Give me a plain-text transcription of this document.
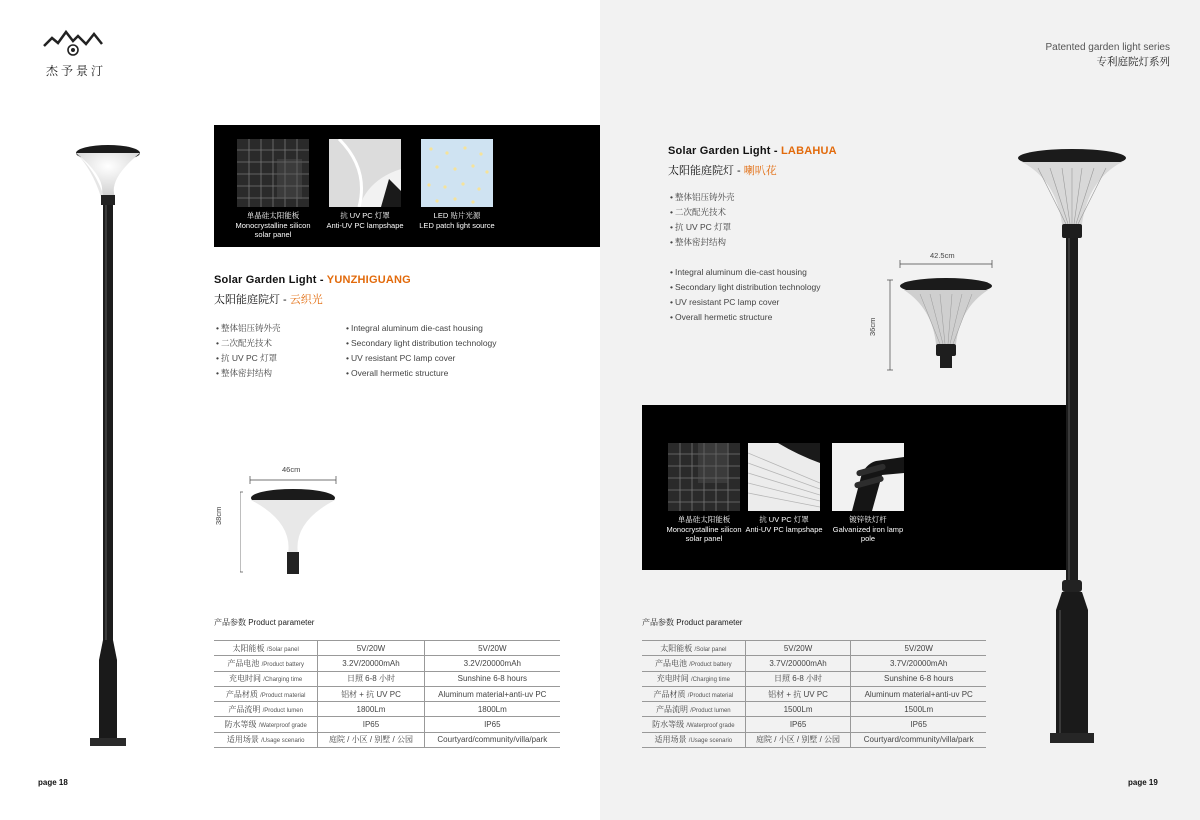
杰予景汀
单晶硅太阳能板
Monocrystalline silicon solar panel
抗 UV PC 灯罩
Anti-UV PC lampshape
LED 贴片光源
LED patch light source
Solar Garden Light - YUNZHIGUANG
太阳能庭院灯 - 云织光
• 整体铝压铸外壳
• 二次配光技术
• 抗 UV PC 灯罩
• 整体密封结构
• Integral aluminum die-cast housing
• Secondary light distribution technology
• UV resistant PC lamp cover
• Overall hermetic structure
46cm
38cm
产品参数 Product parameter
太阳能板 /Solar panel	5V/20W	5V/20W
产品电池 /Product battery	3.2V/20000mAh	3.2V/20000mAh
充电时间 /Charging time	日照 6-8 小时	Sunshine 6-8 hours
产品材质 /Product material	铝材 + 抗 UV PC	Aluminum material+anti-uv PC
产品流明 /Product lumen	1800Lm	1800Lm
防水等级 /Waterproof grade	IP65	IP65
适用场景 /Usage scenario	庭院 / 小区 / 别墅 / 公园	Courtyard/community/villa/park
page 18
Patented garden light series
专利庭院灯系列
Solar Garden Light - LABAHUA
太阳能庭院灯 - 喇叭花
• 整体铝压铸外壳
• 二次配光技术
• 抗 UV PC 灯罩
• 整体密封结构
• Integral aluminum die-cast housing
• Secondary light distribution technology
• UV resistant PC lamp cover
• Overall hermetic structure
42.5cm
36cm
单晶硅太阳能板
Monocrystalline silicon solar panel
抗 UV PC 灯罩
Anti-UV PC lampshape
镀锌铁灯杆
Galvanized iron lamp pole
产品参数 Product parameter
太阳能板 /Solar panel	5V/20W	5V/20W
产品电池 /Product battery	3.7V/20000mAh	3.7V/20000mAh
充电时间 /Charging time	日照 6-8 小时	Sunshine 6-8 hours
产品材质 /Product material	铝材 + 抗 UV PC	Aluminum material+anti-uv PC
产品流明 /Product lumen	1500Lm	1500Lm
防水等级 /Waterproof grade	IP65	IP65
适用场景 /Usage scenario	庭院 / 小区 / 别墅 / 公园	Courtyard/community/villa/park
page 19
